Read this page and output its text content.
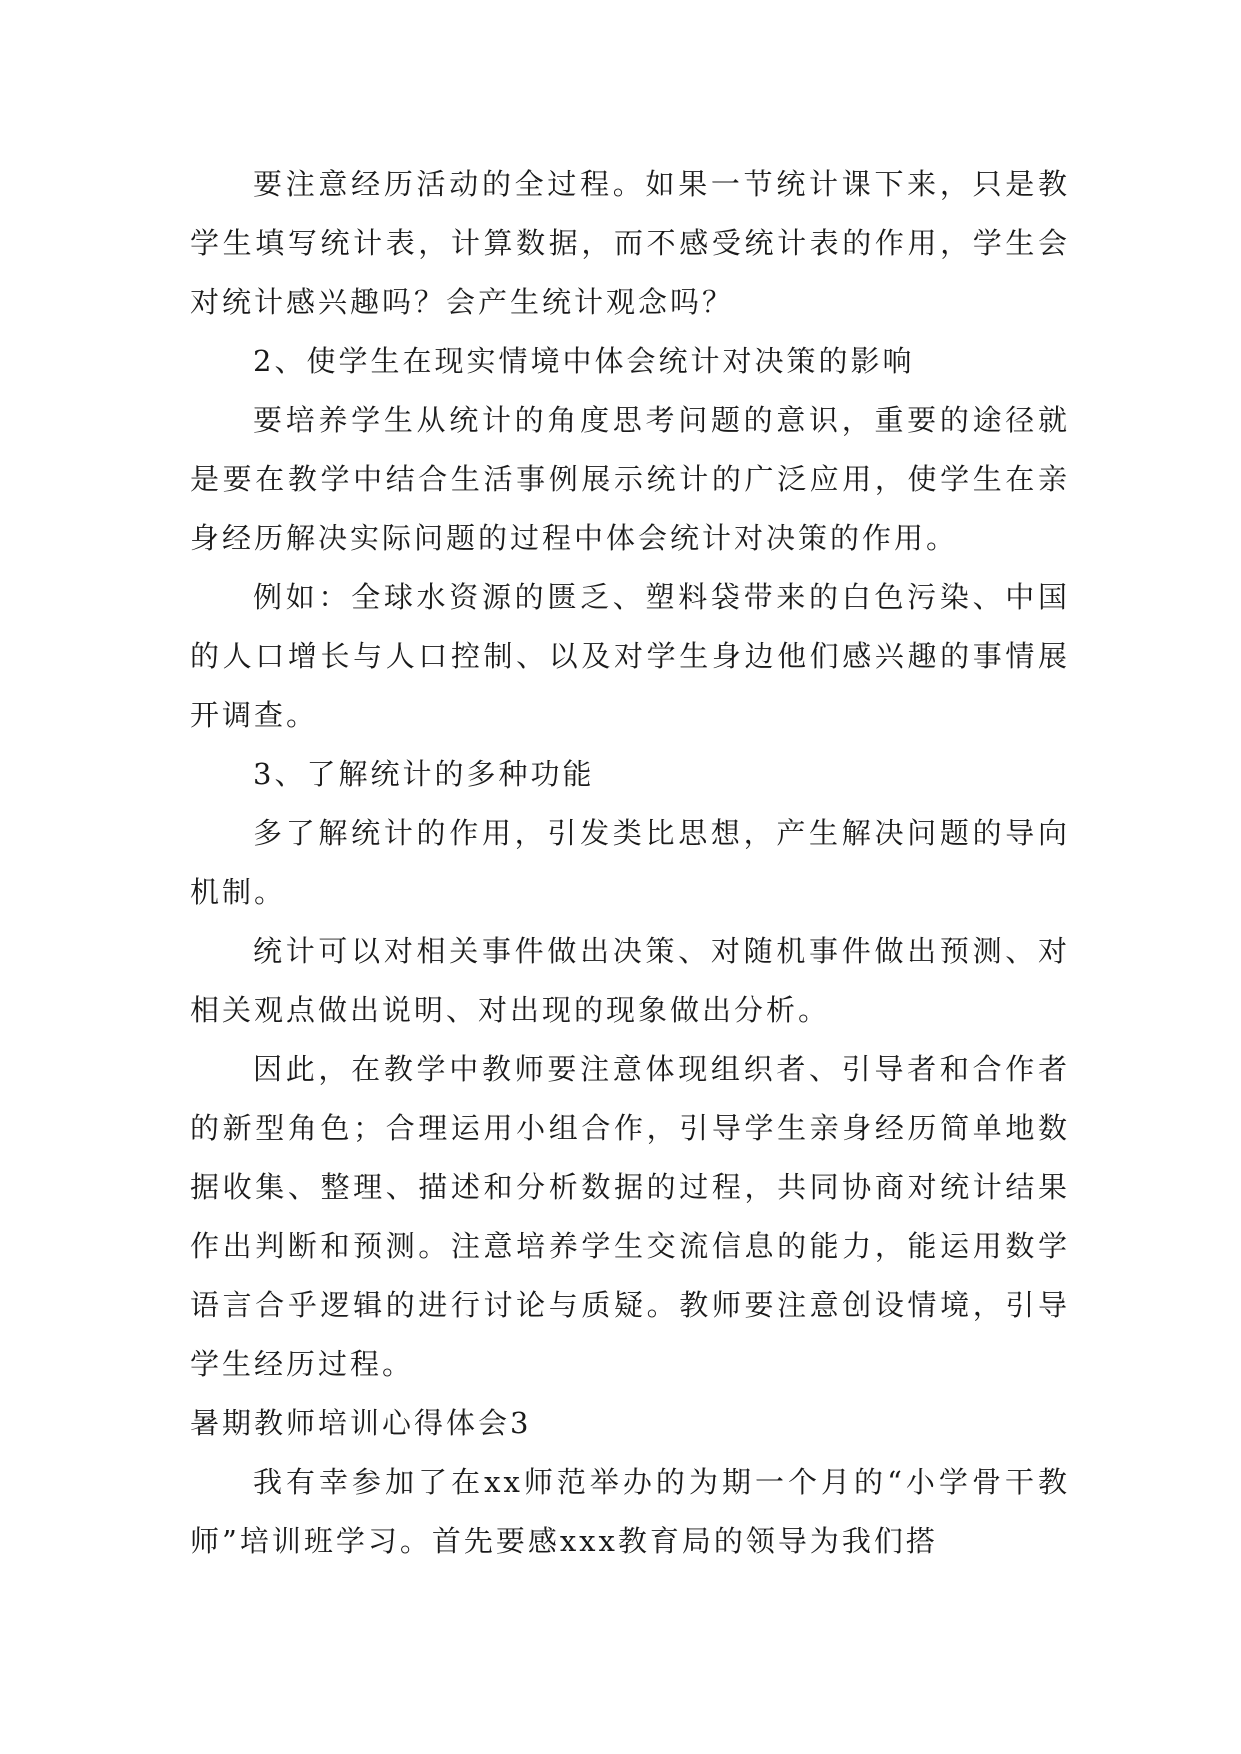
要注意经历活动的全过程。如果一节统计课下来，只是教学生填写统计表，计算数据，而不感受统计表的作用，学生会对统计感兴趣吗？会产生统计观念吗？

2、使学生在现实情境中体会统计对决策的影响

要培养学生从统计的角度思考问题的意识，重要的途径就是要在教学中结合生活事例展示统计的广泛应用，使学生在亲身经历解决实际问题的过程中体会统计对决策的作用。

例如：全球水资源的匮乏、塑料袋带来的白色污染、中国的人口增长与人口控制、以及对学生身边他们感兴趣的事情展开调查。

3、了解统计的多种功能

多了解统计的作用，引发类比思想，产生解决问题的导向机制。

统计可以对相关事件做出决策、对随机事件做出预测、对相关观点做出说明、对出现的现象做出分析。

因此，在教学中教师要注意体现组织者、引导者和合作者的新型角色；合理运用小组合作，引导学生亲身经历简单地数据收集、整理、描述和分析数据的过程，共同协商对统计结果作出判断和预测。注意培养学生交流信息的能力，能运用数学语言合乎逻辑的进行讨论与质疑。教师要注意创设情境，引导学生经历过程。

暑期教师培训心得体会3

我有幸参加了在xx师范举办的为期一个月的“小学骨干教师”培训班学习。首先要感xxx教育局的领导为我们搭
